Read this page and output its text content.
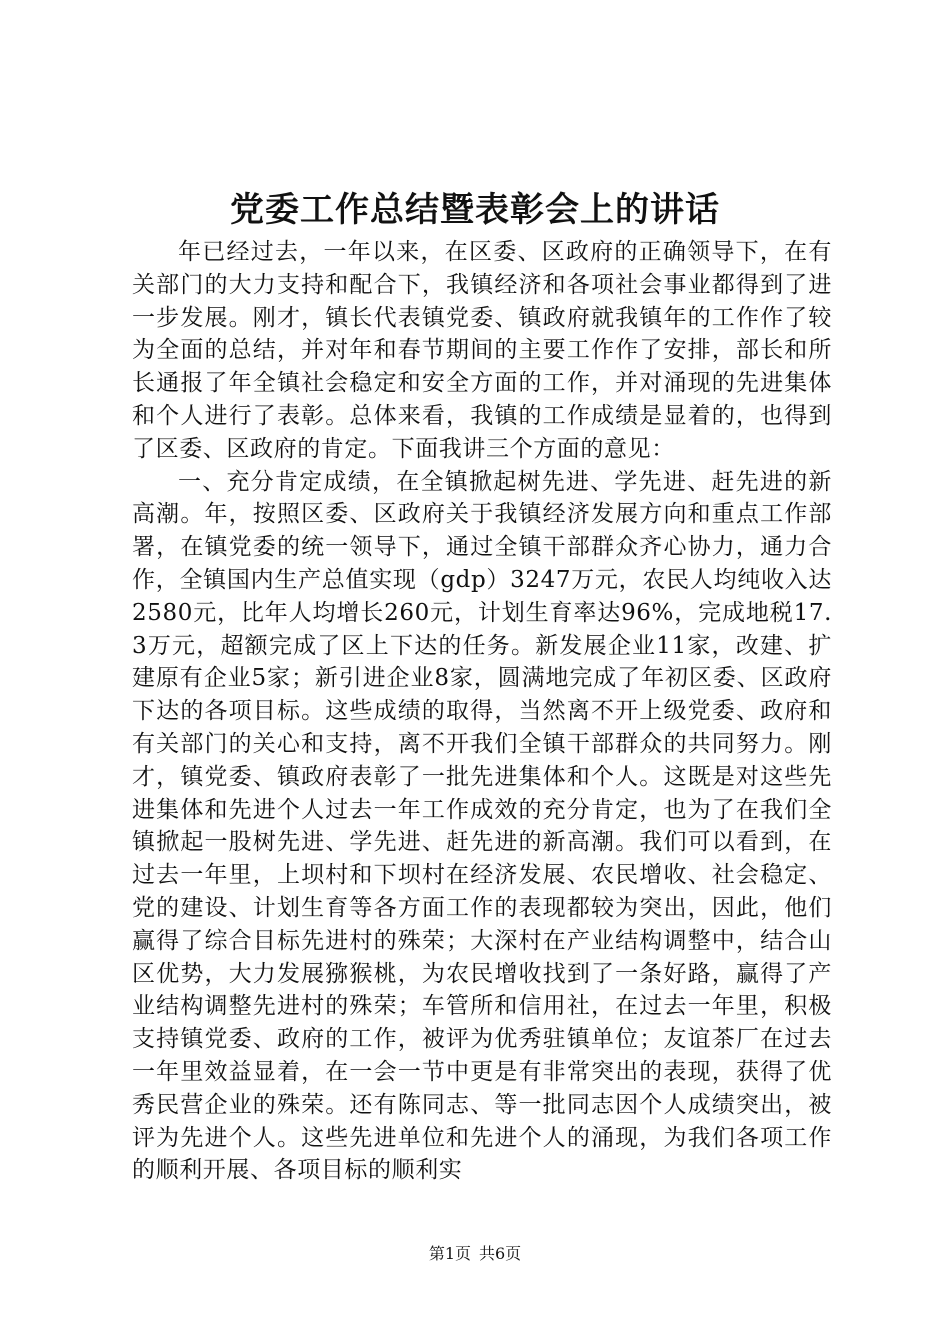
党委工作总结暨表彰会上的讲话

年已经过去，一年以来，在区委、区政府的正确领导下，在有关部门的大力支持和配合下，我镇经济和各项社会事业都得到了进一步发展。刚才，镇长代表镇党委、镇政府就我镇年的工作作了较为全面的总结，并对年和春节期间的主要工作作了安排，部长和所长通报了年全镇社会稳定和安全方面的工作，并对涌现的先进集体和个人进行了表彰。总体来看，我镇的工作成绩是显着的，也得到了区委、区政府的肯定。下面我讲三个方面的意见：

一、充分肯定成绩，在全镇掀起树先进、学先进、赶先进的新高潮。年，按照区委、区政府关于我镇经济发展方向和重点工作部署，在镇党委的统一领导下，通过全镇干部群众齐心协力，通力合作，全镇国内生产总值实现（gdp）3247万元，农民人均纯收入达2580元，比年人均增长260元，计划生育率达96%，完成地税17.3万元，超额完成了区上下达的任务。新发展企业11家，改建、扩建原有企业5家；新引进企业8家，圆满地完成了年初区委、区政府下达的各项目标。这些成绩的取得，当然离不开上级党委、政府和有关部门的关心和支持，离不开我们全镇干部群众的共同努力。刚才，镇党委、镇政府表彰了一批先进集体和个人。这既是对这些先进集体和先进个人过去一年工作成效的充分肯定，也为了在我们全镇掀起一股树先进、学先进、赶先进的新高潮。我们可以看到，在过去一年里，上坝村和下坝村在经济发展、农民增收、社会稳定、党的建设、计划生育等各方面工作的表现都较为突出，因此，他们赢得了综合目标先进村的殊荣；大深村在产业结构调整中，结合山区优势，大力发展猕猴桃，为农民增收找到了一条好路，赢得了产业结构调整先进村的殊荣；车管所和信用社，在过去一年里，积极支持镇党委、政府的工作，被评为优秀驻镇单位；友谊茶厂在过去一年里效益显着，在一会一节中更是有非常突出的表现，获得了优秀民营企业的殊荣。还有陈同志、等一批同志因个人成绩突出，被评为先进个人。这些先进单位和先进个人的涌现，为我们各项工作的顺利开展、各项目标的顺利实

第1页 共6页
